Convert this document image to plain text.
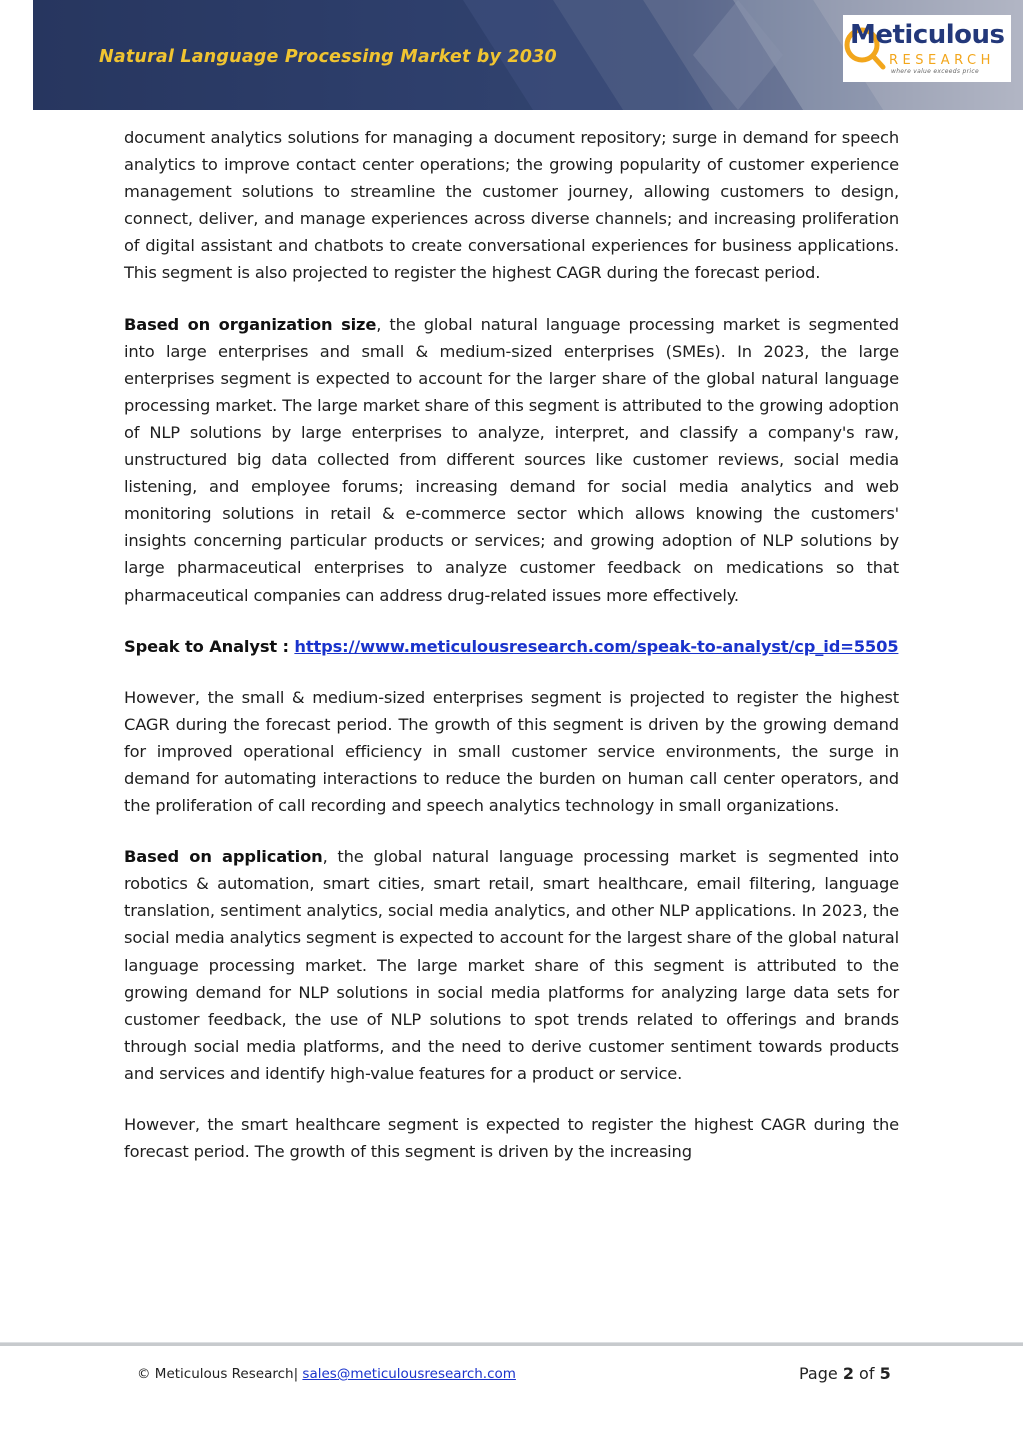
Natural Language Processing Market by 2030
Meticulous
RESEARCH
where value exceeds price

document analytics solutions for managing a document repository; surge in demand for speech analytics to improve contact center operations; the growing popularity of customer experience management solutions to streamline the customer journey, allowing customers to design, connect, deliver, and manage experiences across diverse channels; and increasing proliferation of digital assistant and chatbots to create conversational experiences for business applications. This segment is also projected to register the highest CAGR during the forecast period.

Based on organization size, the global natural language processing market is segmented into large enterprises and small & medium-sized enterprises (SMEs). In 2023, the large enterprises segment is expected to account for the larger share of the global natural language processing market. The large market share of this segment is attributed to the growing adoption of NLP solutions by large enterprises to analyze, interpret, and classify a company's raw, unstructured big data collected from different sources like customer reviews, social media listening, and employee forums; increasing demand for social media analytics and web monitoring solutions in retail & e-commerce sector which allows knowing the customers' insights concerning particular products or services; and growing adoption of NLP solutions by large pharmaceutical enterprises to analyze customer feedback on medications so that pharmaceutical companies can address drug-related issues more effectively.

Speak to Analyst : https://www.meticulousresearch.com/speak-to-analyst/cp_id=5505

However, the small & medium-sized enterprises segment is projected to register the highest CAGR during the forecast period. The growth of this segment is driven by the growing demand for improved operational efficiency in small customer service environments, the surge in demand for automating interactions to reduce the burden on human call center operators, and the proliferation of call recording and speech analytics technology in small organizations.

Based on application, the global natural language processing market is segmented into robotics & automation, smart cities, smart retail, smart healthcare, email filtering, language translation, sentiment analytics, social media analytics, and other NLP applications. In 2023, the social media analytics segment is expected to account for the largest share of the global natural language processing market. The large market share of this segment is attributed to the growing demand for NLP solutions in social media platforms for analyzing large data sets for customer feedback, the use of NLP solutions to spot trends related to offerings and brands through social media platforms, and the need to derive customer sentiment towards products and services and identify high-value features for a product or service.

However, the smart healthcare segment is expected to register the highest CAGR during the forecast period. The growth of this segment is driven by the increasing

© Meticulous Research| sales@meticulousresearch.com	Page 2 of 5
